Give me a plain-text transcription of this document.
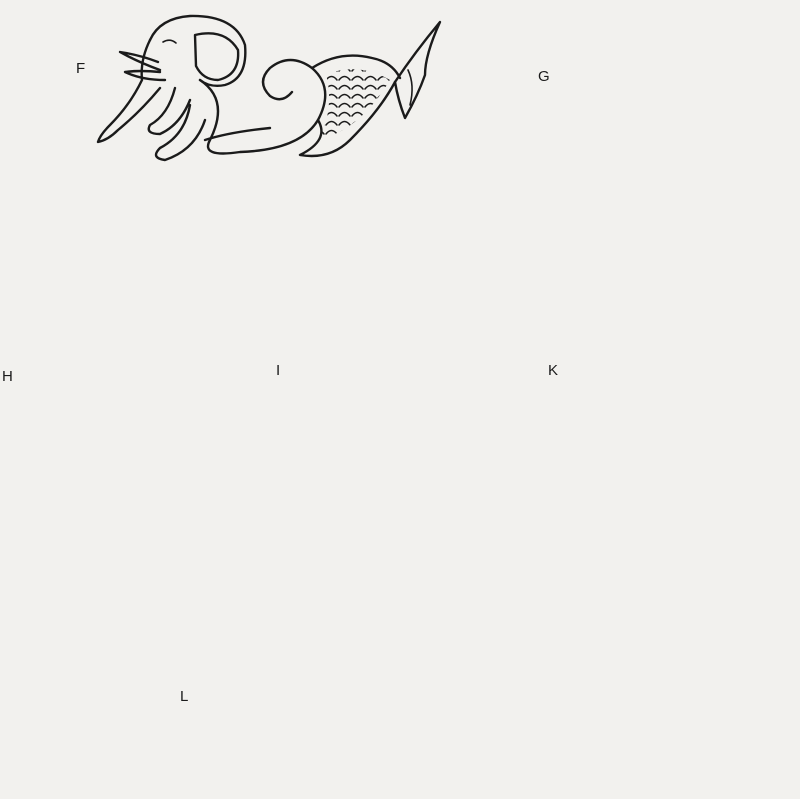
F	G
H	I	K
L
